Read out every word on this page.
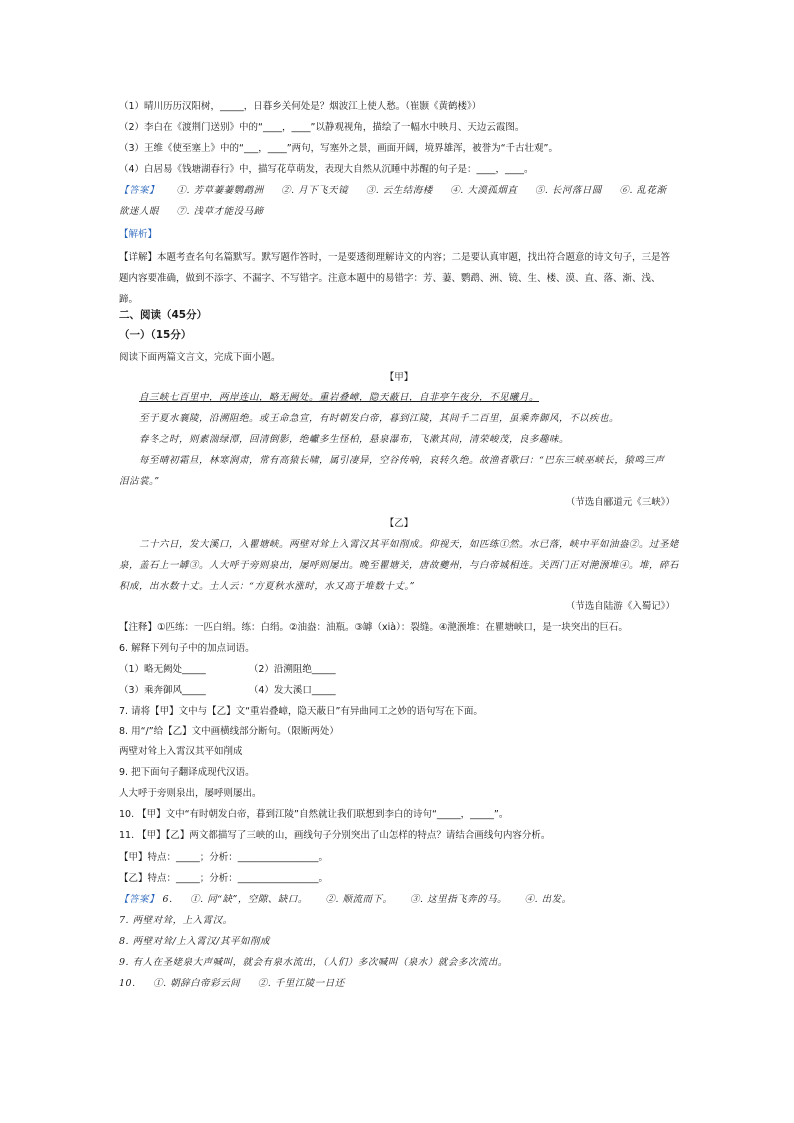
（1）晴川历历汉阳树，_____，日暮乡关何处是？烟波江上使人愁。（崔颢《黄鹤楼》）
（2）李白在《渡荆门送别》中的“____，____”以静观视角，描绘了一幅水中映月、天边云霞图。
（3）王维《使至塞上》中的“___，____”两句，写塞外之景，画面开阔，境界雄浑，被誉为“千古壮观”。
（4）白居易《钱塘湖春行》中，描写花草萌发，表现大自然从沉睡中苏醒的句子是：____，____。
【答案】 ①. 芳草萋萋鹦鹉洲 ②. 月下飞天镜 ③. 云生结海楼 ④. 大漠孤烟直 ⑤. 长河落日圆 ⑥. 乱花渐
欲迷人眼 ⑦. 浅草才能没马蹄
【解析】
【详解】本题考查名句名篇默写。默写题作答时，一是要透彻理解诗文的内容；二是要认真审题，找出符合题意的诗文句子，三是答题内容要准确，做到不添字、不漏字、不写错字。注意本题中的易错字：芳、萋、鹦鹉、洲、镜、生、楼、漠、直、落、渐、浅、蹄。
二、阅读（45分）
（一）（15分）
阅读下面两篇文言文，完成下面小题。
【甲】
自三峡七百里中，两岸连山，略无阙处。重岩叠嶂，隐天蔽日，自非亭午夜分，不见曦月。
至于夏水襄陵，沿溯阻绝。或王命急宣，有时朝发白帝，暮到江陵，其间千二百里，虽乘奔御风，不以疾也。
春冬之时，则素湍绿潭，回清倒影，绝巘多生怪柏，悬泉瀑布，飞漱其间，清荣峻茂，良多趣味。
每至晴初霜旦，林寒涧肃，常有高猿长啸，属引凄异，空谷传响，哀转久绝。故渔者歌曰：“巴东三峡巫峡长，猿鸣三声
泪沾裳。”
（节选自郦道元《三峡》）
【乙】
二十六日，发大溪口，入瞿塘峡。两壁对耸上入霄汉其平如削成。仰视天，如匹练①然。水已落，峡中平如油盎②。过圣姥
泉，盖石上一罅③。人大呼于旁则泉出，屡呼则屡出。晚至瞿塘关，唐故夔州，与白帝城相连。关西门正对滟滪堆④。堆，碎石
积成，出水数十丈。土人云：“方夏秋水涨时，水又高于堆数十丈。”
（节选自陆游《入蜀记》）
【注释】①匹练：一匹白绢。练：白绢。②油盎：油瓶。③罅（xià）：裂缝。④滟滪堆：在瞿塘峡口，是一块突出的巨石。
6. 解释下列句子中的加点词语。
（1）略无阙处_____	（2）沿溯阻绝_____
（3）乘奔御风_____	（4）发大溪口_____
7. 请将【甲】文中与【乙】文“重岩叠嶂，隐天蔽日”有异曲同工之妙的语句写在下面。
8. 用“/”给【乙】文中画横线部分断句。（限断两处）
两壁对耸上入霄汉其平如削成
9. 把下面句子翻译成现代汉语。
人大呼于旁则泉出，屡呼则屡出。
10. 【甲】文中“有时朝发白帝，暮到江陵”自然就让我们联想到李白的诗句“_____，_____”。
11. 【甲】【乙】两文都描写了三峡的山，画线句子分别突出了山怎样的特点？请结合画线句内容分析。
【甲】特点：_____；分析：_________________。
【乙】特点：_____；分析：_________________。
【答案】 6. ①. 同“缺”，空隙、缺口。 ②. 顺流而下。 ③. 这里指飞奔的马。 ④. 出发。
7. 两壁对耸，上入霄汉。
8. 两壁对耸/上入霄汉/其平如削成
9. 有人在圣姥泉大声喊叫，就会有泉水流出，（人们）多次喊叫（泉水）就会多次流出。
10. ①. 朝辞白帝彩云间 ②. 千里江陵一日还
